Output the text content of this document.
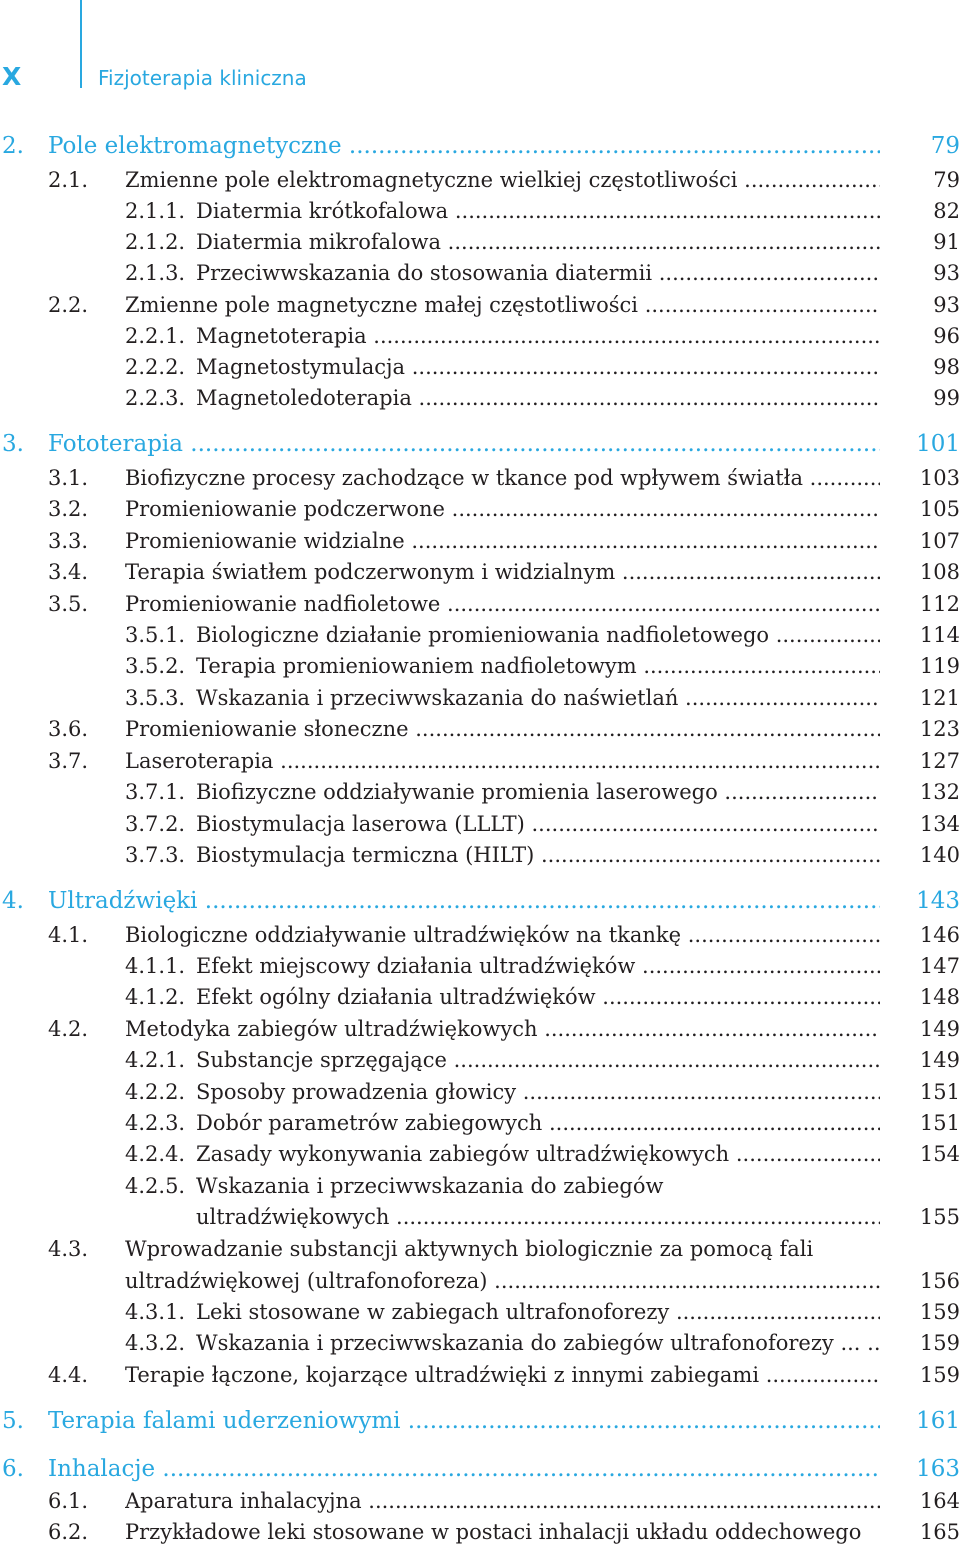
X	Fizjoterapia kliniczna
2. Pole elektromagnetyczne .....	79
2.1. Zmienne pole elektromagnetyczne wielkiej częstotliwości .....	79
2.1.1. Diatermia krótkofalowa .....	82
2.1.2. Diatermia mikrofalowa .....	91
2.1.3. Przeciwwskazania do stosowania diatermii .....	93
2.2. Zmienne pole magnetyczne małej częstotliwości .....	93
2.2.1. Magnetoterapia .....	96
2.2.2. Magnetostymulacja .....	98
2.2.3. Magnetoledoterapia .....	99
3. Fototerapia .....	101
3.1. Biofizyczne procesy zachodzące w tkance pod wpływem światła .....	103
3.2. Promieniowanie podczerwone .....	105
3.3. Promieniowanie widzialne .....	107
3.4. Terapia światłem podczerwonym i widzialnym .....	108
3.5. Promieniowanie nadfioletowe .....	112
3.5.1. Biologiczne działanie promieniowania nadfioletowego .....	114
3.5.2. Terapia promieniowaniem nadfioletowym .....	119
3.5.3. Wskazania i przeciwwskazania do naświetlań .....	121
3.6. Promieniowanie słoneczne .....	123
3.7. Laseroterapia .....	127
3.7.1. Biofizyczne oddziaływanie promienia laserowego .....	132
3.7.2. Biostymulacja laserowa (LLLT) .....	134
3.7.3. Biostymulacja termiczna (HILT) .....	140
4. Ultradźwięki .....	143
4.1. Biologiczne oddziaływanie ultradźwięków na tkankę .....	146
4.1.1. Efekt miejscowy działania ultradźwięków .....	147
4.1.2. Efekt ogólny działania ultradźwięków .....	148
4.2. Metodyka zabiegów ultradźwiękowych .....	149
4.2.1. Substancje sprzęgające .....	149
4.2.2. Sposoby prowadzenia głowicy .....	151
4.2.3. Dobór parametrów zabiegowych .....	151
4.2.4. Zasady wykonywania zabiegów ultradźwiękowych .....	154
4.2.5. Wskazania i przeciwwskazania do zabiegów
ultradźwiękowych .....	155
4.3. Wprowadzanie substancji aktywnych biologicznie za pomocą fali
ultradźwiękowej (ultrafonoforeza) .....	156
4.3.1. Leki stosowane w zabiegach ultrafonoforezy .....	159
4.3.2. Wskazania i przeciwwskazania do zabiegów ultrafonoforezy ... .....	159
4.4. Terapie łączone, kojarzące ultradźwięki z innymi zabiegami .....	159
5. Terapia falami uderzeniowymi .....	161
6. Inhalacje .....	163
6.1. Aparatura inhalacyjna .....	164
6.2. Przykładowe leki stosowane w postaci inhalacji układu oddechowego	165
